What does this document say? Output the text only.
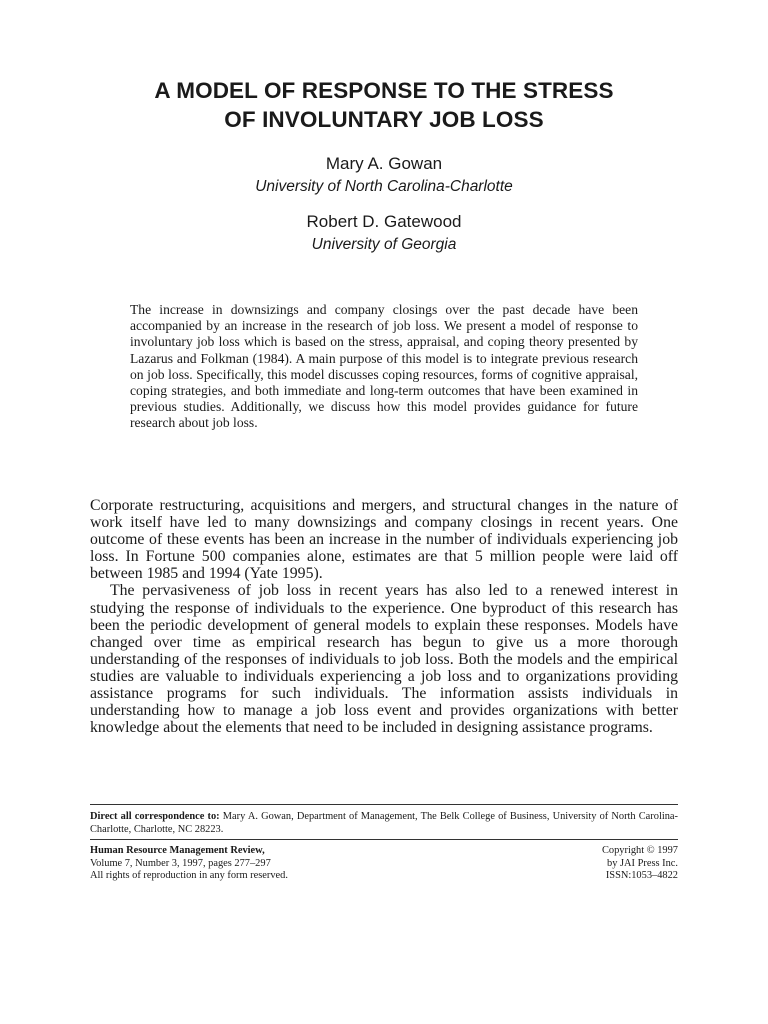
A MODEL OF RESPONSE TO THE STRESS
OF INVOLUNTARY JOB LOSS
Mary A. Gowan
University of North Carolina-Charlotte
Robert D. Gatewood
University of Georgia

The increase in downsizings and company closings over the past decade have been accompanied by an increase in the research of job loss. We present a model of response to involuntary job loss which is based on the stress, appraisal, and coping theory presented by Lazarus and Folkman (1984). A main purpose of this model is to integrate previous research on job loss. Specifically, this model discusses coping resources, forms of cognitive appraisal, coping strategies, and both immediate and long-term outcomes that have been examined in previous studies. Additionally, we discuss how this model provides guidance for future research about job loss.

Corporate restructuring, acquisitions and mergers, and structural changes in the nature of work itself have led to many downsizings and company closings in recent years. One outcome of these events has been an increase in the number of individuals experiencing job loss. In Fortune 500 companies alone, estimates are that 5 million people were laid off between 1985 and 1994 (Yate 1995).

The pervasiveness of job loss in recent years has also led to a renewed interest in studying the response of individuals to the experience. One byproduct of this research has been the periodic development of general models to explain these responses. Models have changed over time as empirical research has begun to give us a more thorough understanding of the responses of individuals to job loss. Both the models and the empirical studies are valuable to individuals experiencing a job loss and to organizations providing assistance programs for such individuals. The information assists individuals in understanding how to manage a job loss event and provides organizations with better knowledge about the elements that need to be included in designing assistance programs.

Direct all correspondence to: Mary A. Gowan, Department of Management, The Belk College of Business, University of North Carolina-Charlotte, Charlotte, NC 28223.

Human Resource Management Review,
Volume 7, Number 3, 1997, pages 277–297
All rights of reproduction in any form reserved.
Copyright © 1997
by JAI Press Inc.
ISSN:1053–4822
